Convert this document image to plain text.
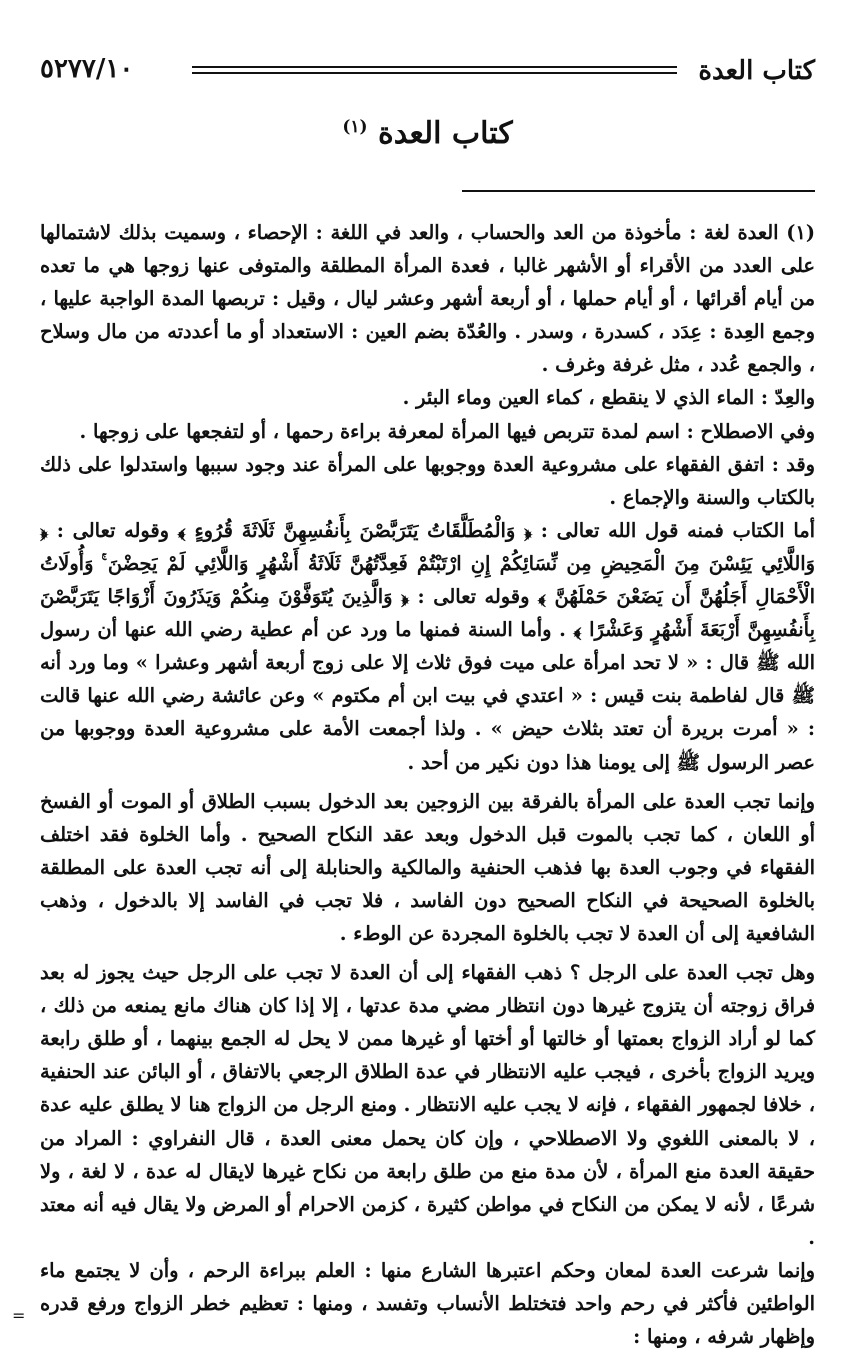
كتاب العدة
٥٢٧٧/١٠
كتاب العدة $^{(١)}$

(١) العدة لغة : مأخوذة من العد والحساب ، والعد في اللغة : الإحصاء ، وسميت بذلك لاشتمالها على العدد من الأقراء أو الأشهر غالبا ، فعدة المرأة المطلقة والمتوفى عنها زوجها هي ما تعده من أيام أقرائها ، أو أيام حملها ، أو أربعة أشهر وعشر ليال ، وقيل : تربصها المدة الواجبة عليها ، وجمع العِدة : عِدَد ، كسدرة ، وسدر . والعُدّة بضم العين : الاستعداد أو ما أعددته من مال وسلاح ، والجمع عُدد ، مثل غرفة وغرف .

والعِدّ : الماء الذي لا ينقطع ، كماء العين وماء البئر .

وفي الاصطلاح : اسم لمدة تتربص فيها المرأة لمعرفة براءة رحمها ، أو لتفجعها على زوجها .

وقد : اتفق الفقهاء على مشروعية العدة ووجوبها على المرأة عند وجود سببها واستدلوا على ذلك بالكتاب والسنة والإجماع .

أما الكتاب فمنه قول الله تعالى : ﴿ وَالْمُطَلَّقَاتُ يَتَرَبَّصْنَ بِأَنفُسِهِنَّ ثَلَاثَةَ قُرُوءٍ ﴾ وقوله تعالى : ﴿ وَاللَّائِي يَئِسْنَ مِنَ الْمَحِيضِ مِن نِّسَائِكُمْ إِنِ ارْتَبْتُمْ فَعِدَّتُهُنَّ ثَلَاثَةُ أَشْهُرٍ وَاللَّائِي لَمْ يَحِضْنَ ۚ وَأُولَاتُ الْأَحْمَالِ أَجَلُهُنَّ أَن يَضَعْنَ حَمْلَهُنَّ ﴾ وقوله تعالى : ﴿ وَالَّذِينَ يُتَوَفَّوْنَ مِنكُمْ وَيَذَرُونَ أَزْوَاجًا يَتَرَبَّصْنَ بِأَنفُسِهِنَّ أَرْبَعَةَ أَشْهُرٍ وَعَشْرًا ﴾ . وأما السنة فمنها ما ورد عن أم عطية رضي الله عنها أن رسول الله ﷺ قال : « لا تحد امرأة على ميت فوق ثلاث إلا على زوج أربعة أشهر وعشرا » وما ورد أنه ﷺ قال لفاطمة بنت قيس : « اعتدي في بيت ابن أم مكتوم » وعن عائشة رضي الله عنها قالت : « أمرت بريرة أن تعتد بثلاث حيض » . ولذا أجمعت الأمة على مشروعية العدة ووجوبها من عصر الرسول ﷺ إلى يومنا هذا دون نكير من أحد .

وإنما تجب العدة على المرأة بالفرقة بين الزوجين بعد الدخول بسبب الطلاق أو الموت أو الفسخ أو اللعان ، كما تجب بالموت قبل الدخول وبعد عقد النكاح الصحيح . وأما الخلوة فقد اختلف الفقهاء في وجوب العدة بها فذهب الحنفية والمالكية والحنابلة إلى أنه تجب العدة على المطلقة بالخلوة الصحيحة في النكاح الصحيح دون الفاسد ، فلا تجب في الفاسد إلا بالدخول ، وذهب الشافعية إلى أن العدة لا تجب بالخلوة المجردة عن الوطء .

وهل تجب العدة على الرجل ؟ ذهب الفقهاء إلى أن العدة لا تجب على الرجل حيث يجوز له بعد فراق زوجته أن يتزوج غيرها دون انتظار مضي مدة عدتها ، إلا إذا كان هناك مانع يمنعه من ذلك ، كما لو أراد الزواج بعمتها أو خالتها أو أختها أو غيرها ممن لا يحل له الجمع بينهما ، أو طلق رابعة ويريد الزواج بأخرى ، فيجب عليه الانتظار في عدة الطلاق الرجعي بالاتفاق ، أو البائن عند الحنفية ، خلافا لجمهور الفقهاء ، فإنه لا يجب عليه الانتظار . ومنع الرجل من الزواج هنا لا يطلق عليه عدة ، لا بالمعنى اللغوي ولا الاصطلاحي ، وإن كان يحمل معنى العدة ، قال النفراوي : المراد من حقيقة العدة منع المرأة ، لأن مدة منع من طلق رابعة من نكاح غيرها لايقال له عدة ، لا لغة ، ولا شرعًا ، لأنه لا يمكن من النكاح في مواطن كثيرة ، كزمن الاحرام أو المرض ولا يقال فيه أنه معتد .

وإنما شرعت العدة لمعان وحكم اعتبرها الشارع منها : العلم ببراءة الرحم ، وأن لا يجتمع ماء الواطئين فأكثر في رحم واحد فتختلط الأنساب وتفسد ، ومنها : تعظيم خطر الزواج ورفع قدره وإظهار شرفه ، ومنها :

=
